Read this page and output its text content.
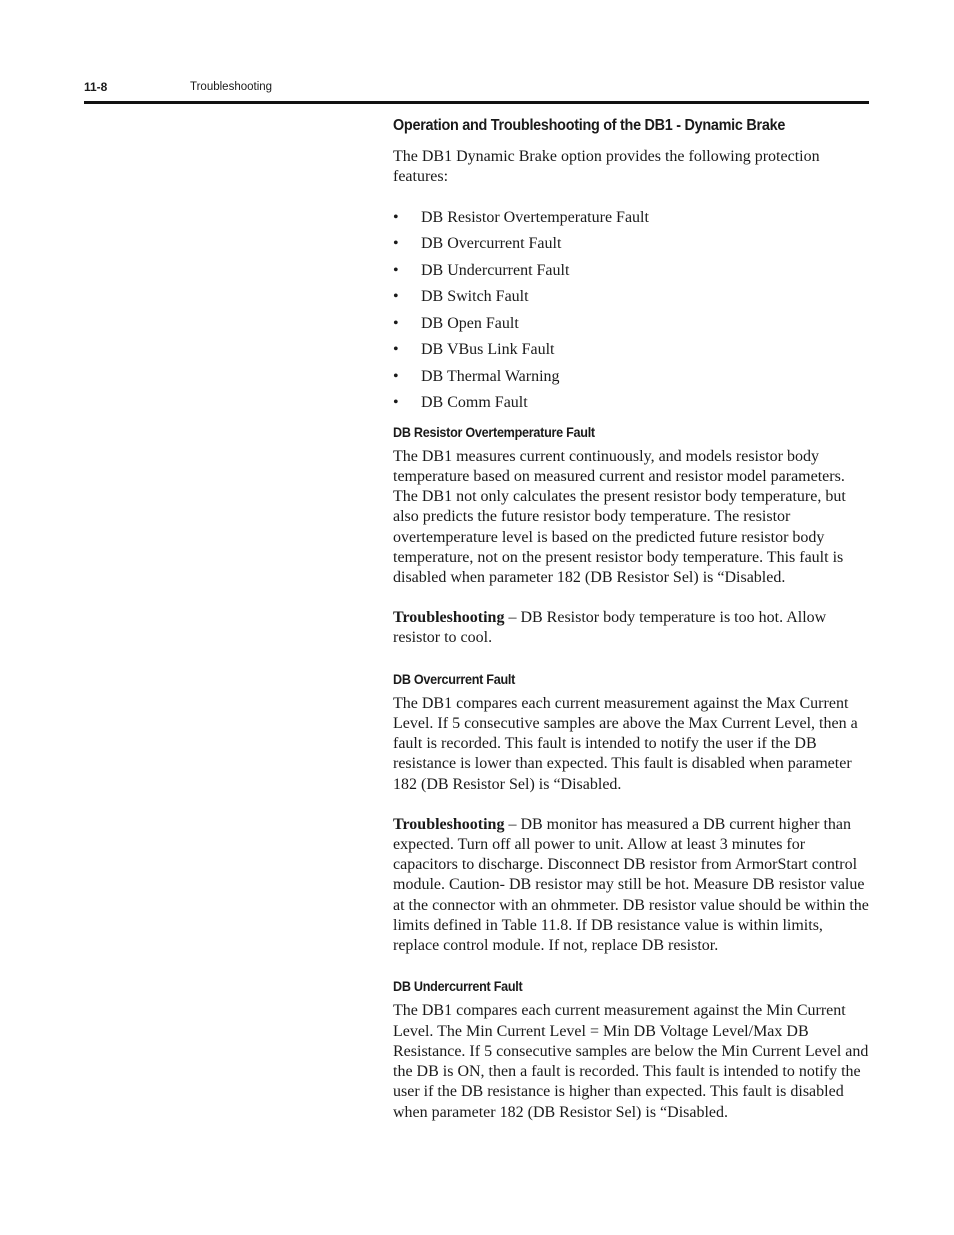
11-8	Troubleshooting
Operation and Troubleshooting of the DB1 - Dynamic Brake

The DB1 Dynamic Brake option provides the following protection features:

• DB Resistor Overtemperature Fault
• DB Overcurrent Fault
• DB Undercurrent Fault
• DB Switch Fault
• DB Open Fault
• DB VBus Link Fault
• DB Thermal Warning
• DB Comm Fault
DB Resistor Overtemperature Fault

The DB1 measures current continuously, and models resistor body temperature based on measured current and resistor model parameters. The DB1 not only calculates the present resistor body temperature, but also predicts the future resistor body temperature. The resistor overtemperature level is based on the predicted future resistor body temperature, not on the present resistor body temperature. This fault is disabled when parameter 182 (DB Resistor Sel) is “Disabled.

Troubleshooting – DB Resistor body temperature is too hot. Allow resistor to cool.

DB Overcurrent Fault

The DB1 compares each current measurement against the Max Current Level. If 5 consecutive samples are above the Max Current Level, then a fault is recorded. This fault is intended to notify the user if the DB resistance is lower than expected. This fault is disabled when parameter 182 (DB Resistor Sel) is “Disabled.

Troubleshooting – DB monitor has measured a DB current higher than expected. Turn off all power to unit. Allow at least 3 minutes for capacitors to discharge. Disconnect DB resistor from ArmorStart control module. Caution- DB resistor may still be hot. Measure DB resistor value at the connector with an ohmmeter. DB resistor value should be within the limits defined in Table 11.8. If DB resistance value is within limits, replace control module. If not, replace DB resistor.

DB Undercurrent Fault

The DB1 compares each current measurement against the Min Current Level. The Min Current Level = Min DB Voltage Level/Max DB Resistance. If 5 consecutive samples are below the Min Current Level and the DB is ON, then a fault is recorded. This fault is intended to notify the user if the DB resistance is higher than expected. This fault is disabled when parameter 182 (DB Resistor Sel) is “Disabled.
